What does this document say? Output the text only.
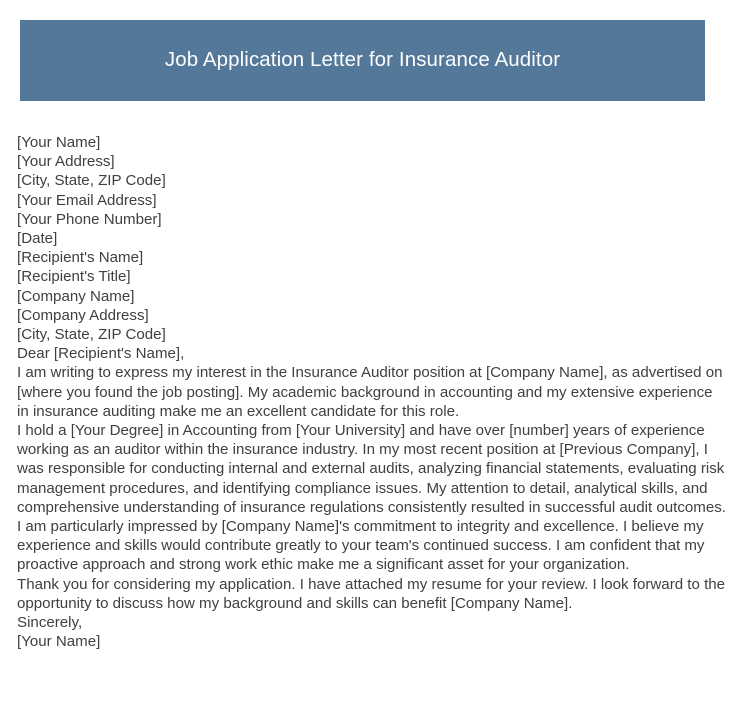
Job Application Letter for Insurance Auditor
[Your Name]
[Your Address]
[City, State, ZIP Code]
[Your Email Address]
[Your Phone Number]
[Date]
[Recipient's Name]
[Recipient's Title]
[Company Name]
[Company Address]
[City, State, ZIP Code]
Dear [Recipient's Name],

I am writing to express my interest in the Insurance Auditor position at [Company Name], as advertised on [where you found the job posting]. My academic background in accounting and my extensive experience in insurance auditing make me an excellent candidate for this role.

I hold a [Your Degree] in Accounting from [Your University] and have over [number] years of experience working as an auditor within the insurance industry. In my most recent position at [Previous Company], I was responsible for conducting internal and external audits, analyzing financial statements, evaluating risk management procedures, and identifying compliance issues. My attention to detail, analytical skills, and comprehensive understanding of insurance regulations consistently resulted in successful audit outcomes.

I am particularly impressed by [Company Name]'s commitment to integrity and excellence. I believe my experience and skills would contribute greatly to your team's continued success. I am confident that my proactive approach and strong work ethic make me a significant asset for your organization.

Thank you for considering my application. I have attached my resume for your review. I look forward to the opportunity to discuss how my background and skills can benefit [Company Name].

Sincerely,
[Your Name]
